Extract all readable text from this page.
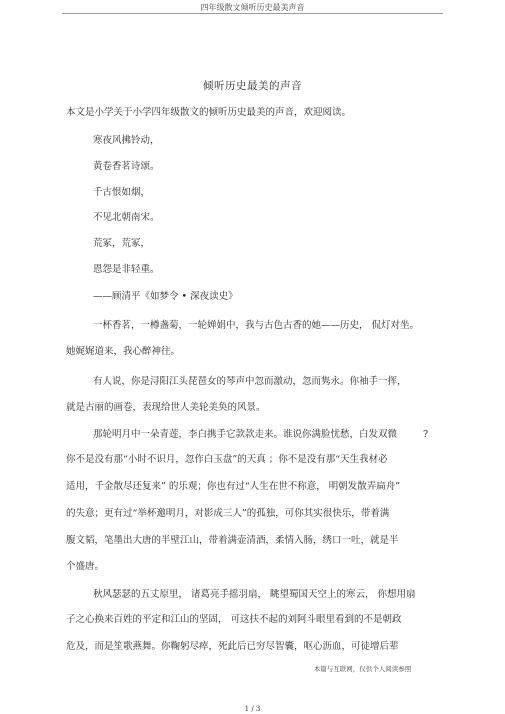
四年级散文倾听历史最美声音
倾听历史最美的声音
本文是小学关于小学四年级散文的倾听历史最美的声音，欢迎阅读。
寒夜风拂铃动，
黄卷香茗诗颂。
千古恨如烟，
不见北朝南宋。
荒冢，荒冢，
恩怨是非轻重。
——顾清平《如梦令 • 深夜读史》
一杯香茗，一樽盏菊，一轮婵娟中，我与古色古香的她——历史， 侃灯对坐。
她娓娓道来，我心醉神往。
有人说，你是浔阳江头琵琶女的琴声中忽而激动，忽而隽永。你袖手一挥，
就是古丽的画卷，表现给世人美轮美奂的风景。
那轮明月中一朵青莲，李白携手它款款走来。谁说你满脸忧愁，白发双微	?
你不是没有那“小时不识月，忽作白玉盘”的天真 ；你不是没有那“天生我材必
适用，千金散尽还复来” 的乐观；你也有过“人生在世不称意， 明朝发散弄扁舟”
的失意；更有过“举杯邀明月，对影成三人”的孤独，可你其实很快乐，带着满
腹文韬，笔墨出大唐的半壁江山，带着满壶清酒，柔情入肠，绣口一吐，就是半
个盛唐。
秋风瑟瑟的五丈原里， 诸葛亮手摇羽扇， 眺望蜀国天空上的寒云， 你想用扇
子之心换来百姓的平定和江山的坚固， 可这扶不起的刘阿斗眼里看到的不是朝政
危及，而是笙歌燕舞。你鞠躬尽瘁，死此后已穷尽智囊，呕心沥血，可徒增后辈
本篇与互联网，仅供个人阅读参照
1 / 3
